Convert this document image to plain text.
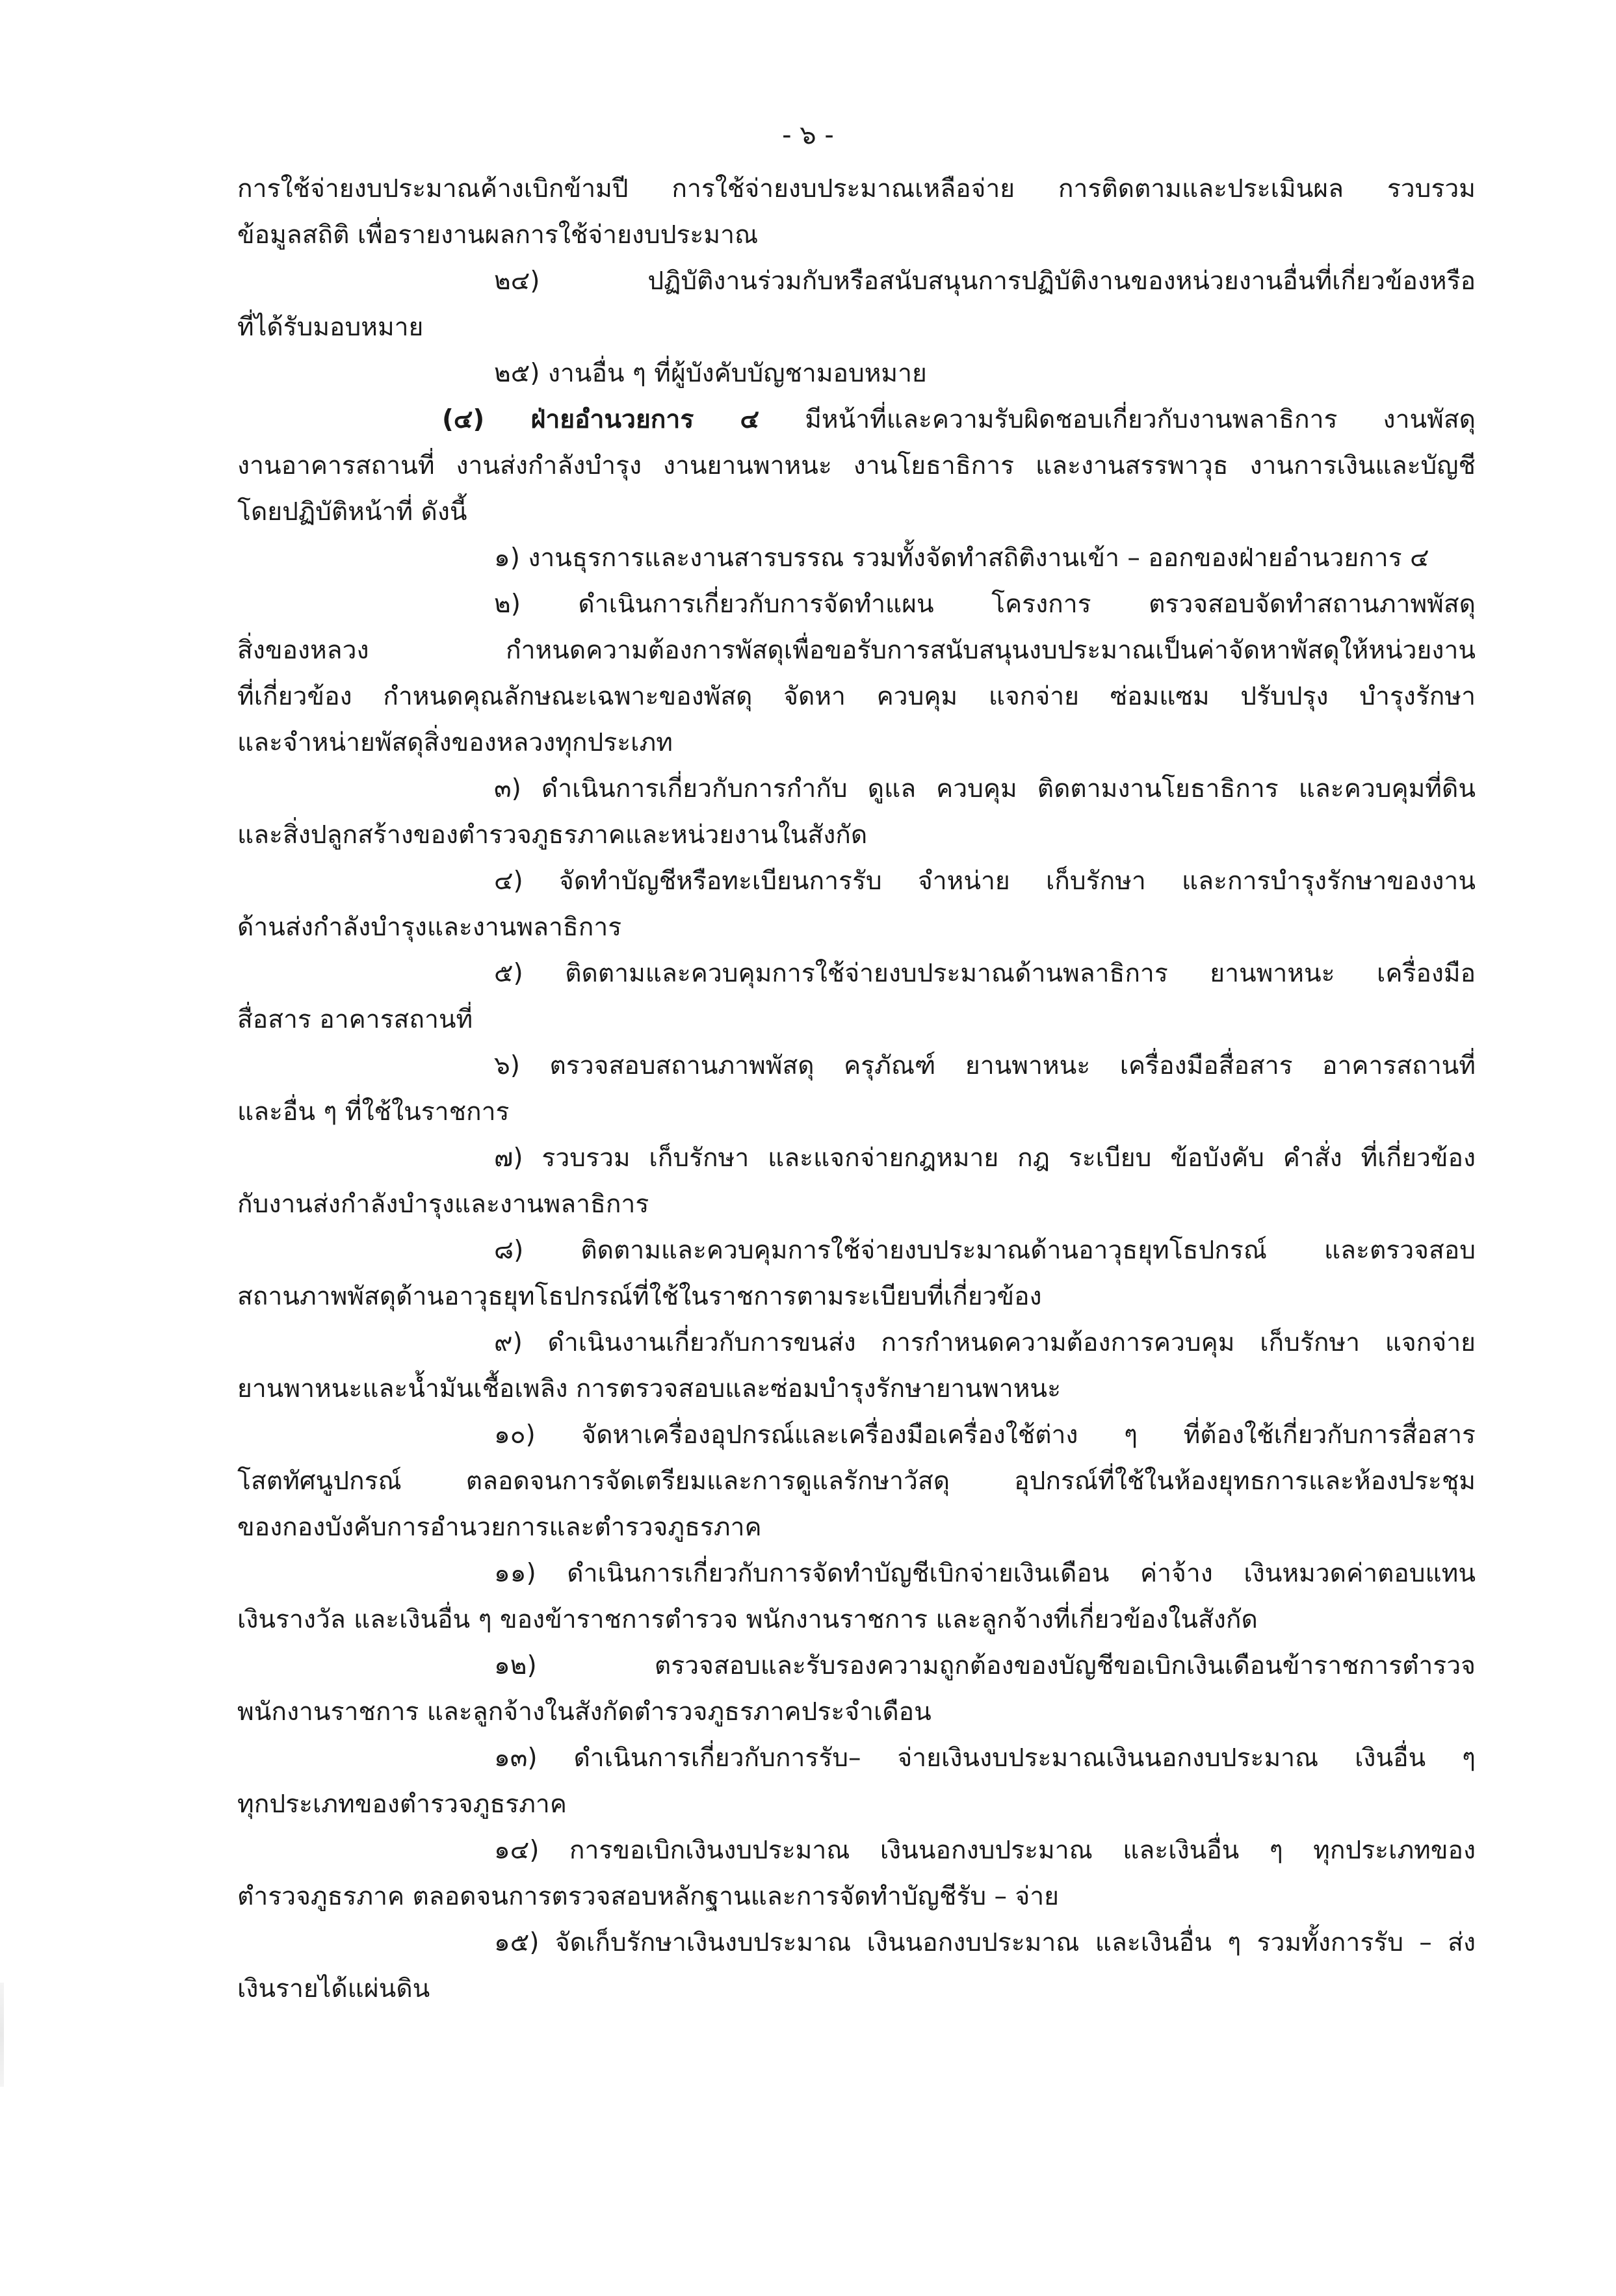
- ๖ -
การใช้จ่ายงบประมาณค้างเบิกข้ามปี การใช้จ่ายงบประมาณเหลือจ่าย การติดตามและประเมินผล รวบรวม
ข้อมูลสถิติ เพื่อรายงานผลการใช้จ่ายงบประมาณ
๒๔) ปฏิบัติงานร่วมกับหรือสนับสนุนการปฏิบัติงานของหน่วยงานอื่นที่เกี่ยวข้องหรือ
ที่ได้รับมอบหมาย
๒๕) งานอื่น ๆ ที่ผู้บังคับบัญชามอบหมาย
(๔) ฝ่ายอำนวยการ ๔ มีหน้าที่และความรับผิดชอบเกี่ยวกับงานพลาธิการ งานพัสดุ
งานอาคารสถานที่ งานส่งกำลังบำรุง งานยานพาหนะ งานโยธาธิการ และงานสรรพาวุธ งานการเงินและบัญชี
โดยปฏิบัติหน้าที่ ดังนี้
๑) งานธุรการและงานสารบรรณ รวมทั้งจัดทำสถิติงานเข้า – ออกของฝ่ายอำนวยการ ๔
๒) ดำเนินการเกี่ยวกับการจัดทำแผน โครงการ ตรวจสอบจัดทำสถานภาพพัสดุ
สิ่งของหลวง กำหนดความต้องการพัสดุเพื่อขอรับการสนับสนุนงบประมาณเป็นค่าจัดหาพัสดุให้หน่วยงาน
ที่เกี่ยวข้อง กำหนดคุณลักษณะเฉพาะของพัสดุ จัดหา ควบคุม แจกจ่าย ซ่อมแซม ปรับปรุง บำรุงรักษา
และจำหน่ายพัสดุสิ่งของหลวงทุกประเภท
๓) ดำเนินการเกี่ยวกับการกำกับ ดูแล ควบคุม ติดตามงานโยธาธิการ และควบคุมที่ดิน
และสิ่งปลูกสร้างของตำรวจภูธรภาคและหน่วยงานในสังกัด
๔) จัดทำบัญชีหรือทะเบียนการรับ จำหน่าย เก็บรักษา และการบำรุงรักษาของงาน
ด้านส่งกำลังบำรุงและงานพลาธิการ
๕) ติดตามและควบคุมการใช้จ่ายงบประมาณด้านพลาธิการ ยานพาหนะ เครื่องมือ
สื่อสาร อาคารสถานที่
๖) ตรวจสอบสถานภาพพัสดุ ครุภัณฑ์ ยานพาหนะ เครื่องมือสื่อสาร อาคารสถานที่
และอื่น ๆ ที่ใช้ในราชการ
๗) รวบรวม เก็บรักษา และแจกจ่ายกฎหมาย กฎ ระเบียบ ข้อบังคับ คำสั่ง ที่เกี่ยวข้อง
กับงานส่งกำลังบำรุงและงานพลาธิการ
๘) ติดตามและควบคุมการใช้จ่ายงบประมาณด้านอาวุธยุทโธปกรณ์ และตรวจสอบ
สถานภาพพัสดุด้านอาวุธยุทโธปกรณ์ที่ใช้ในราชการตามระเบียบที่เกี่ยวข้อง
๙) ดำเนินงานเกี่ยวกับการขนส่ง การกำหนดความต้องการควบคุม เก็บรักษา แจกจ่าย
ยานพาหนะและน้ำมันเชื้อเพลิง การตรวจสอบและซ่อมบำรุงรักษายานพาหนะ
๑๐) จัดหาเครื่องอุปกรณ์และเครื่องมือเครื่องใช้ต่าง ๆ ที่ต้องใช้เกี่ยวกับการสื่อสาร
โสตทัศนูปกรณ์ ตลอดจนการจัดเตรียมและการดูแลรักษาวัสดุ อุปกรณ์ที่ใช้ในห้องยุทธการและห้องประชุม
ของกองบังคับการอำนวยการและตำรวจภูธรภาค
๑๑) ดำเนินการเกี่ยวกับการจัดทำบัญชีเบิกจ่ายเงินเดือน ค่าจ้าง เงินหมวดค่าตอบแทน
เงินรางวัล และเงินอื่น ๆ ของข้าราชการตำรวจ พนักงานราชการ และลูกจ้างที่เกี่ยวข้องในสังกัด
๑๒) ตรวจสอบและรับรองความถูกต้องของบัญชีขอเบิกเงินเดือนข้าราชการตำรวจ
พนักงานราชการ และลูกจ้างในสังกัดตำรวจภูธรภาคประจำเดือน
๑๓) ดำเนินการเกี่ยวกับการรับ– จ่ายเงินงบประมาณเงินนอกงบประมาณ เงินอื่น ๆ
ทุกประเภทของตำรวจภูธรภาค
๑๔) การขอเบิกเงินงบประมาณ เงินนอกงบประมาณ และเงินอื่น ๆ ทุกประเภทของ
ตำรวจภูธรภาค ตลอดจนการตรวจสอบหลักฐานและการจัดทำบัญชีรับ – จ่าย
๑๕) จัดเก็บรักษาเงินงบประมาณ เงินนอกงบประมาณ และเงินอื่น ๆ รวมทั้งการรับ – ส่ง
เงินรายได้แผ่นดิน
